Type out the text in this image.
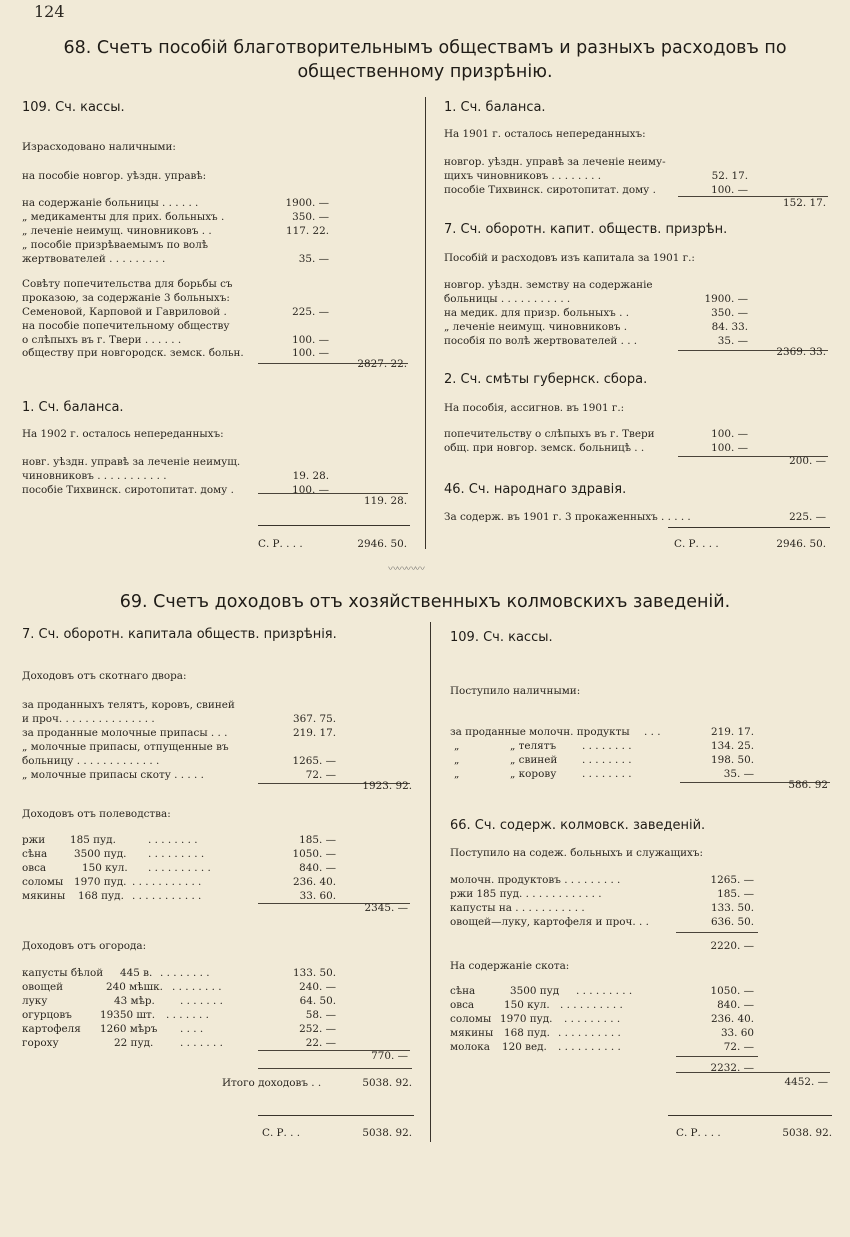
124
68. Счетъ пособій благотворительнымъ обществамъ и разныхъ расходовъ по
общественному призрѣнію.
109. Сч. кассы.
Израсходовано наличными:
на пособіе новгор. уѣздн. управѣ:
на содержаніе больницы . . . . . .	1900. —
„ медикаменты для прих. больныхъ .	350. —
„ леченіе неимущ. чиновниковъ . .	117. 22.
„ пособіе призрѣваемымъ по волѣ
жертвователей . . . . . . . . .	35. —
Совѣту попечительства для борьбы съ
проказою, за содержаніе 3 больныхъ:
Семеновой, Карповой и Гавриловой .	225. —
на пособіе попечительному обществу
о слѣпыхъ въ г. Твери . . . . . .	100. —
обществу при новгородск. земск. больн.	100. —
2827. 22.
1. Сч. баланса.
На 1902 г. осталось непереданныхъ:
новг. уѣздн. управѣ за леченіе неимущ.
чиновниковъ . . . . . . . . . . .	19. 28.
пособіе Тихвинск. сиротопитат. дому .	100. —
119. 28.
С. Р. . . .	2946. 50.
1. Сч. баланса.
На 1901 г. осталось непереданныхъ:
новгор. уѣздн. управѣ за леченіе неиму-
щихъ чиновниковъ . . . . . . . .	52. 17.
пособіе Тихвинск. сиротопитат. дому .	100. —
152. 17.
7. Сч. оборотн. капит. общеcтв. призрѣн.
Пособій и расходовъ изъ капитала за 1901 г.:
новгор. уѣздн. земству на содержаніе
больницы . . . . . . . . . . .	1900. —
на медик. для призр. больныхъ . .	350. —
„ леченіе неимущ. чиновниковъ .	84. 33.
пособія по волѣ жертвователей . . .	35. —
2369. 33.
2. Сч. смѣты губернск. сбора.
На пособія, ассигнов. въ 1901 г.:
попечительству о слѣпыхъ въ г. Твери	100. —
общ. при новгор. земск. больницѣ . .	100. —
200. —
46. Сч. народнаго здравія.
За содерж. въ 1901 г. 3 прокаженныхъ . . . . .	225. —
С. Р. . . .	2946. 50.
〰〰〰〰
69. Счетъ доходовъ отъ хозяйственныхъ колмовскихъ заведеній.
7. Сч. оборотн. капитала обществ. призрѣнія.
Доходовъ отъ скотнаго двора:
за проданныхъ телятъ, коровъ, свиней
и проч. . . . . . . . . . . . . . .	367. 75.
за проданные молочные припасы . . .	219. 17.
„ молочные припасы, отпущенные въ
больницу . . . . . . . . . . . . .	1265. —
„ молочные припасы скоту . . . . .	72. —
1923. 92.
Доходовъ отъ полеводства:
ржи 185 пуд.	. . . . . . . .	185. —
сѣна	3500 пуд. . . . . . . . . .	1050. —
овса	150 кул. . . . . . . . . . .	840. —
соломы 1970 пуд. . . . . . . . . . . .	236. 40.
мякины 168 пуд. . . . . . . . . . . .	33. 60.
2345. —
Доходовъ отъ огорода:
капусты бѣлой 445 в. . . . . . . . .	133. 50.
овощей	240 мѣшк. . . . . . . . .	240. —
луку	43 мѣр. . . . . . . .	64. 50.
огурцовъ	19350 шт. . . . . . . .	58. —
картофеля 1260 мѣръ . . . .	252. —
гороху	22 пуд.	. . . . . . .	22. —
770. —
Итого доходовъ . .	5038. 92.
С. Р. . .	5038. 92.
109. Сч. кассы.
Поступило наличными:
за проданные молочн. продукты . . .	219. 17.
„	„ телятъ . . . . . . . .	134. 25.
„	„ свиней . . . . . . . .	198. 50.
„	„ корову . . . . . . . .	35. —
586. 92
66. Сч. содерж. колмовск. заведеній.
Поступило на содеж. больныхъ и служащихъ:
молочн. продуктовъ . . . . . . . . .	1265. —
ржи 185 пуд. . . . . . . . . . . . .	185. —
капусты на . . . . . . . . . . .	133. 50.
овощей—луку, картофеля и проч. . .	636. 50.
2220. —
На содержаніе скота:
сѣна	3500 пуд . . . . . . . . .	1050. —
овса	150 кул. . . . . . . . . . .	840. —
соломы 1970 пуд. . . . . . . . . .	236. 40.
мякины 168 пуд. . . . . . . . . . .	33. 60
молока 120 вед. . . . . . . . . . .	72. —
2232. —
4452. —
С. Р. . . .	5038. 92.
